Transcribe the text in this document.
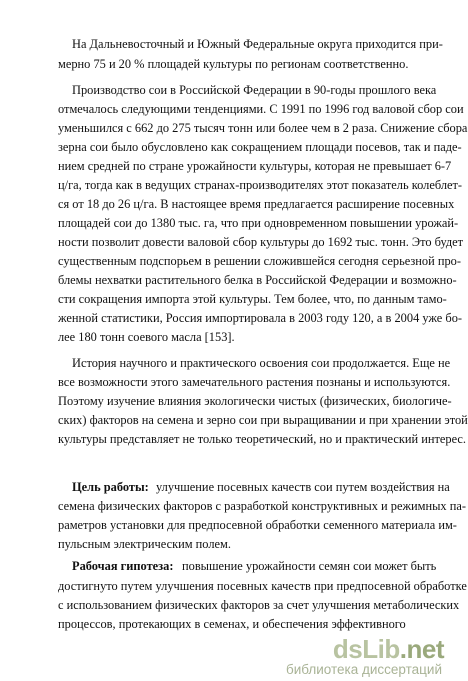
На Дальневосточный и Южный Федеральные округа приходится при-
мерно 75 и 20 % площадей культуры по регионам соответственно.
Производство сои в Российской Федерации в 90-годы прошлого века
отмечалось следующими тенденциями. С 1991 по 1996 год валовой сбор сои
уменьшился с 662 до 275 тысяч тонн или более чем в 2 раза. Снижение сбора
зерна сои было обусловлено как сокращением площади посевов, так и паде-
нием средней по стране урожайности культуры, которая не превышает 6-7
ц/га, тогда как в ведущих странах-производителях этот показатель колеблет-
ся от 18 до 26 ц/га. В настоящее время предлагается расширение посевных
площадей сои до 1380 тыс. га, что при одновременном повышении урожай-
ности позволит довести валовой сбор культуры до 1692 тыс. тонн. Это будет
существенным подспорьем в решении сложившейся сегодня серьезной про-
блемы нехватки растительного белка в Российской Федерации и возможно-
сти сокращения импорта этой культуры. Тем более, что, по данным тамо-
женной статистики, Россия импортировала в 2003 году 120, а в 2004 уже бо-
лее 180 тонн соевого масла [153].
История научного и практического освоения сои продолжается. Еще не
все возможности этого замечательного растения познаны и используются.
Поэтому изучение влияния экологически чистых (физических, биологиче-
ских) факторов на семена и зерно сои при выращивании и при хранении этой
культуры представляет не только теоретический, но и практический интерес.
Цель работы: улучшение посевных качеств сои путем воздействия на
семена физических факторов с разработкой конструктивных и режимных па-
раметров установки для предпосевной обработки семенного материала им-
пульсным электрическим полем.
Рабочая гипотеза: повышение урожайности семян сои может быть
достигнуто путем улучшения посевных качеств при предпосевной обработке
с использованием физических факторов за счет улучшения метаболических
процессов, протекающих в семенах, и обеспечения эффективного
dsLib.net
библиотека диссертаций
